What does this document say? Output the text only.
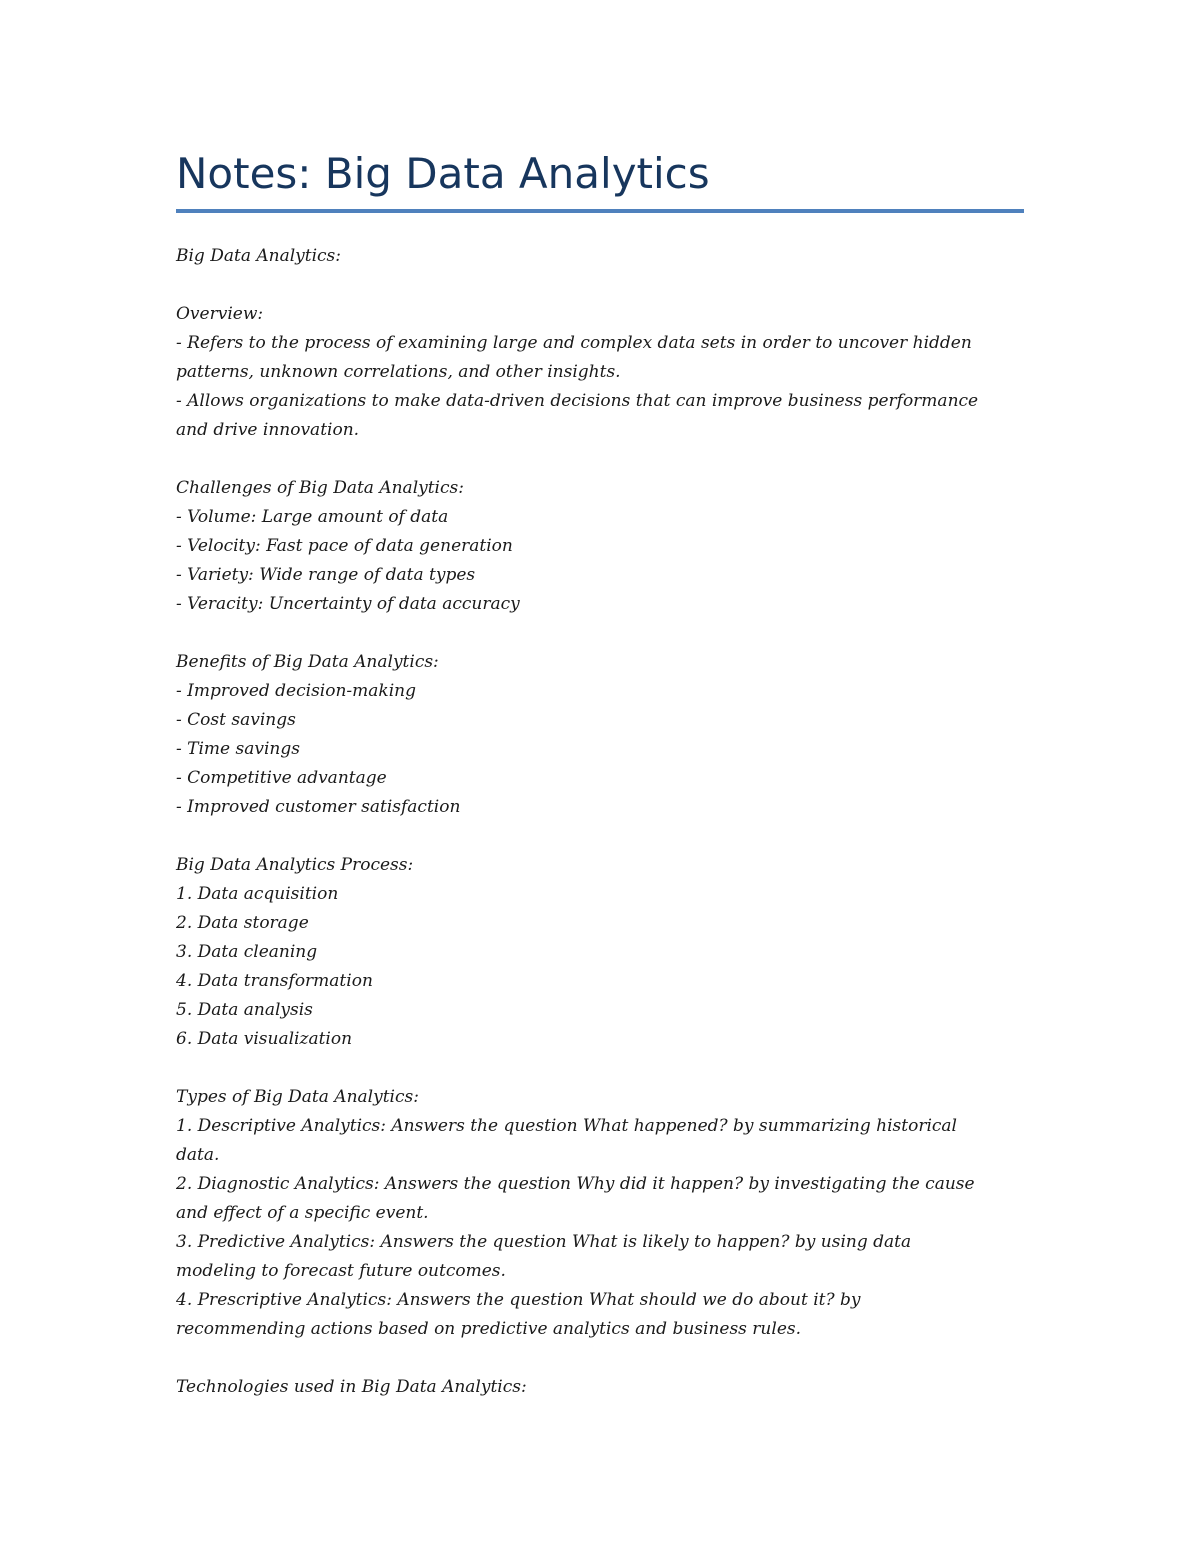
Notes: Big Data Analytics
Big Data Analytics:
Overview:
- Refers to the process of examining large and complex data sets in order to uncover hidden
patterns, unknown correlations, and other insights.
- Allows organizations to make data-driven decisions that can improve business performance
and drive innovation.
Challenges of Big Data Analytics:
- Volume: Large amount of data
- Velocity: Fast pace of data generation
- Variety: Wide range of data types
- Veracity: Uncertainty of data accuracy
Benefits of Big Data Analytics:
- Improved decision-making
- Cost savings
- Time savings
- Competitive advantage
- Improved customer satisfaction
Big Data Analytics Process:
1. Data acquisition
2. Data storage
3. Data cleaning
4. Data transformation
5. Data analysis
6. Data visualization
Types of Big Data Analytics:
1. Descriptive Analytics: Answers the question What happened? by summarizing historical
data.
2. Diagnostic Analytics: Answers the question Why did it happen? by investigating the cause
and effect of a specific event.
3. Predictive Analytics: Answers the question What is likely to happen? by using data
modeling to forecast future outcomes.
4. Prescriptive Analytics: Answers the question What should we do about it? by
recommending actions based on predictive analytics and business rules.
Technologies used in Big Data Analytics:
